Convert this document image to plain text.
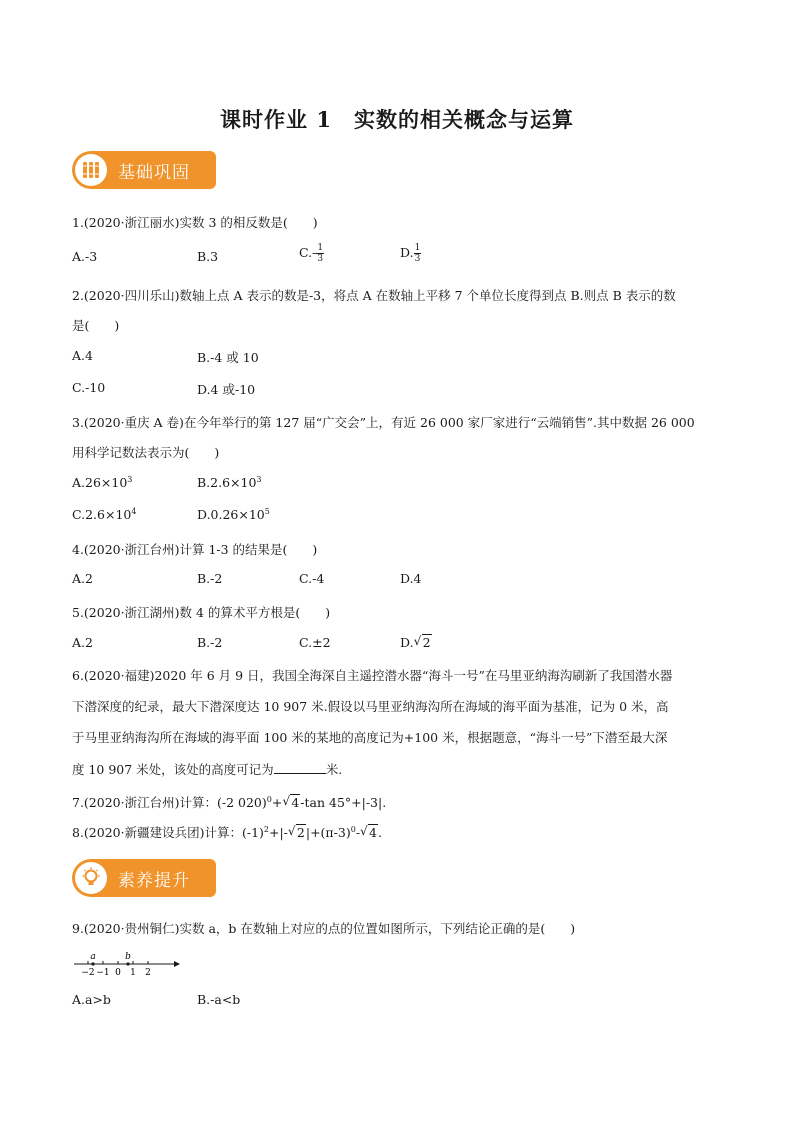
课时作业 1　实数的相关概念与运算
基础巩固
1.(2020·浙江丽水)实数 3 的相反数是(　　)
A.-3	B.3	$C.- \frac{1}{3}$	D. $\frac{1}{3}$
2.(2020·四川乐山)数轴上点 A 表示的数是-3，将点 A 在数轴上平移 7 个单位长度得到点 B.则点 B 表示的数
是(　　)
A.4	B.-4 或 10
C.-10	D.4 或-10
3.(2020·重庆 A 卷)在今年举行的第 127 届“广交会”上，有近 26 000 家厂家进行“云端销售”.其中数据 26 000
用科学记数法表示为(　　)
$A.26\times 10^3$	$B.2.6\times 10^3$
$C.2.6\times 10^4$	$D.0.26\times 10^5$
4.(2020·浙江台州)计算 1-3 的结果是(　　)
A.2	B.-2	C.-4	D.4
5.(2020·浙江湖州)数 4 的算术平方根是(　　)
A.2	B.-2	C.±2	D.√ 2
6.(2020·福建)2020 年 6 月 9 日，我国全海深自主遥控潜水器“海斗一号”在马里亚纳海沟刷新了我国潜水器
下潜深度的纪录，最大下潜深度达 10 907 米.假设以马里亚纳海沟所在海域的海平面为基准，记为 0 米，高
于马里亚纳海沟所在海域的海平面 100 米的某地的高度记为+100 米，根据题意，“海斗一号”下潜至最大深
度 10 907 米处，该处的高度可记为	米.
7.(2020·浙江台州)计算：(-2 020)$^0$+√ 4-tan 45°+|-3|.
8.(2020·新疆建设兵团)计算：$(-1)^2+|-√$ $2|+(\pi-3)^0-√$ 4.
素养提升
9.(2020·贵州铜仁)实数 a，b 在数轴上对应的点的位置如图所示，下列结论正确的是(　　)
a	b
−2 −1 0 1 2
A.a>b	B.-a<b
